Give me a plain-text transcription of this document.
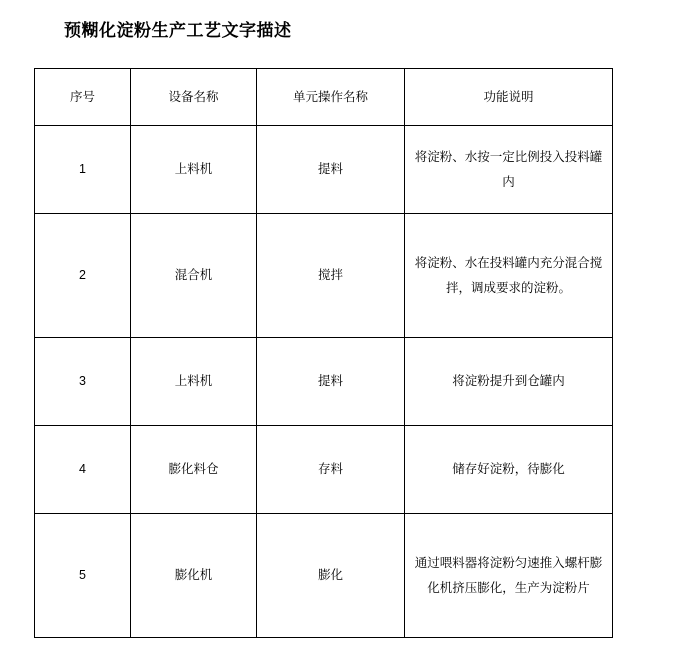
预糊化淀粉生产工艺文字描述
序号	设备名称	单元操作名称	功能说明
1	上料机	提料	将淀粉、水按一定比例投入投料罐内
2	混合机	搅拌	将淀粉、水在投料罐内充分混合搅拌，调成要求的淀粉。
3	上料机	提料	将淀粉提升到仓罐内
4	膨化料仓	存料	储存好淀粉，待膨化
5	膨化机	膨化	通过喂料器将淀粉匀速推入螺杆膨化机挤压膨化，生产为淀粉片
